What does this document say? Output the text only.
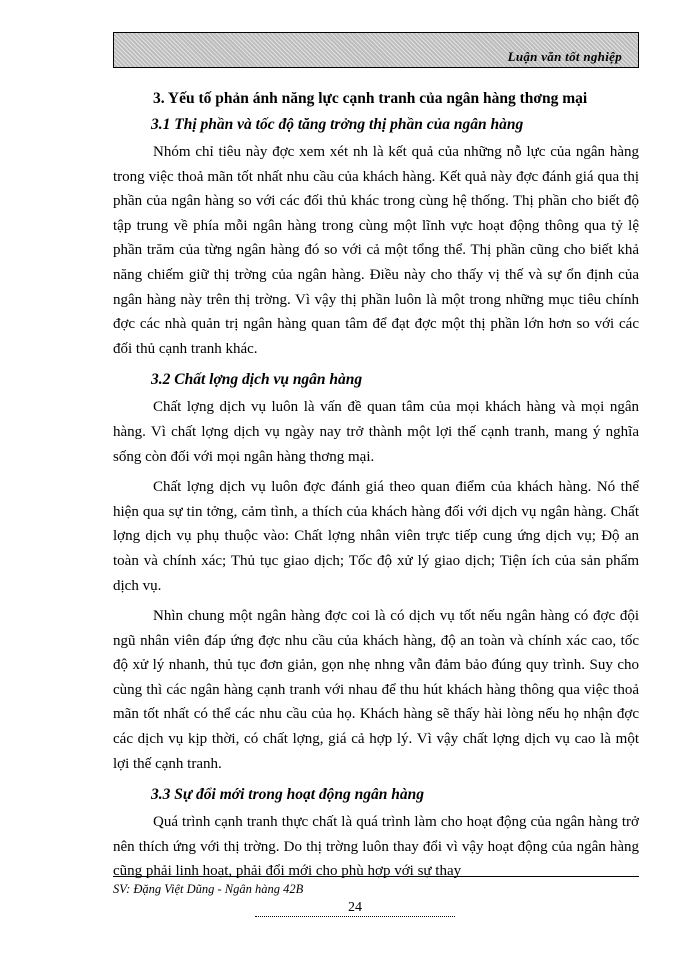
Luận văn tốt nghiệp

3. Yếu tố phản ánh năng lực cạnh tranh của ngân hàng thơng mại

3.1 Thị phần và tốc độ tăng trởng thị phần của ngân hàng

Nhóm chỉ tiêu này đợc xem xét nh là kết quả của những nỗ lực của ngân hàng trong việc thoả mãn tốt nhất nhu cầu của khách hàng. Kết quả này đợc đánh giá qua thị phần của ngân hàng so với các đối thủ khác trong cùng hệ thống. Thị phần cho biết độ tập trung về phía mỗi ngân hàng trong cùng một lĩnh vực hoạt động thông qua tỷ lệ phần trăm của từng ngân hàng đó so với cả một tổng thể. Thị phần cũng cho biết khả năng chiếm giữ thị trờng của ngân hàng. Điều này cho thấy vị thế và sự ổn định của ngân hàng này trên thị trờng. Vì vậy thị phần luôn là một trong những mục tiêu chính đợc các nhà quản trị ngân hàng quan tâm để đạt đợc một thị phần lớn hơn so với các đối thủ cạnh tranh khác.

3.2 Chất lợng dịch vụ ngân hàng

Chất lợng dịch vụ luôn là vấn đề quan tâm của mọi khách hàng và mọi ngân hàng. Vì chất lợng dịch vụ ngày nay trở thành một lợi thế cạnh tranh, mang ý nghĩa sống còn đối với mọi ngân hàng thơng mại.

Chất lợng dịch vụ luôn đợc đánh giá theo quan điểm của khách hàng. Nó thể hiện qua sự tin tởng, cảm tình, a thích của khách hàng đối với dịch vụ ngân hàng. Chất lợng dịch vụ phụ thuộc vào: Chất lợng nhân viên trực tiếp cung ứng dịch vụ; Độ an toàn và chính xác; Thủ tục giao dịch; Tốc độ xử lý giao dịch; Tiện ích của sản phẩm dịch vụ.

Nhìn chung một ngân hàng đợc coi là có dịch vụ tốt nếu ngân hàng có đợc đội ngũ nhân viên đáp ứng đợc nhu cầu của khách hàng, độ an toàn và chính xác cao, tốc độ xử lý nhanh, thủ tục đơn giản, gọn nhẹ nhng vẫn đảm bảo đúng quy trình. Suy cho cùng thì các ngân hàng cạnh tranh với nhau để thu hút khách hàng thông qua việc thoả mãn tốt nhất có thể các nhu cầu của họ. Khách hàng sẽ thấy hài lòng nếu họ nhận đợc các dịch vụ kịp thời, có chất lợng, giá cả hợp lý. Vì vậy chất lợng dịch vụ cao là một lợi thế cạnh tranh.

3.3 Sự đổi mới trong hoạt động ngân hàng

Quá trình cạnh tranh thực chất là quá trình làm cho hoạt động của ngân hàng trở nên thích ứng với thị trờng. Do thị trờng luôn thay đổi vì vậy hoạt động của ngân hàng cũng phải linh hoạt, phải đổi mới cho phù hợp với sự thay

SV: Đặng Việt Dũng - Ngân hàng 42B
24
